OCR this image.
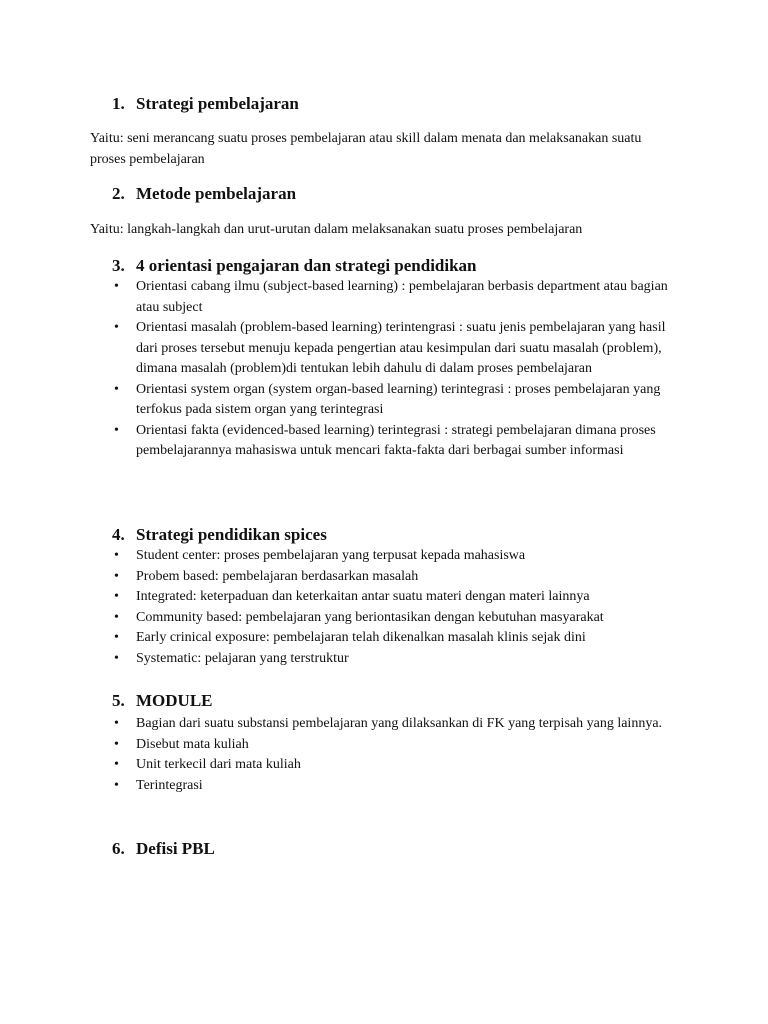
1. Strategi pembelajaran
Yaitu: seni merancang suatu proses pembelajaran atau skill dalam menata dan melaksanakan suatu proses pembelajaran
2. Metode pembelajaran
Yaitu: langkah-langkah dan urut-urutan dalam melaksanakan suatu proses pembelajaran
3. 4 orientasi pengajaran dan strategi pendidikan
• Orientasi cabang ilmu (subject-based learning) : pembelajaran berbasis department atau bagian atau subject
• Orientasi masalah (problem-based learning) terintengrasi : suatu jenis pembelajaran yang hasil dari proses tersebut menuju kepada pengertian atau kesimpulan dari suatu masalah (problem), dimana masalah (problem)di tentukan lebih dahulu di dalam proses pembelajaran
• Orientasi system organ (system organ-based learning) terintegrasi : proses pembelajaran yang terfokus pada sistem organ yang terintegrasi
• Orientasi fakta (evidenced-based learning) terintegrasi : strategi pembelajaran dimana proses pembelajarannya mahasiswa untuk mencari fakta-fakta dari berbagai sumber informasi
4. Strategi pendidikan spices
• Student center: proses pembelajaran yang terpusat kepada mahasiswa
• Probem based: pembelajaran berdasarkan masalah
• Integrated: keterpaduan dan keterkaitan antar suatu materi dengan materi lainnya
• Community based: pembelajaran yang beriontasikan dengan kebutuhan masyarakat
• Early crinical exposure: pembelajaran telah dikenalkan masalah klinis sejak dini
• Systematic: pelajaran yang terstruktur
5. MODULE
• Bagian dari suatu substansi pembelajaran yang dilaksankan di FK yang terpisah yang lainnya.
• Disebut mata kuliah
• Unit terkecil dari mata kuliah
• Terintegrasi
6. Defisi PBL
